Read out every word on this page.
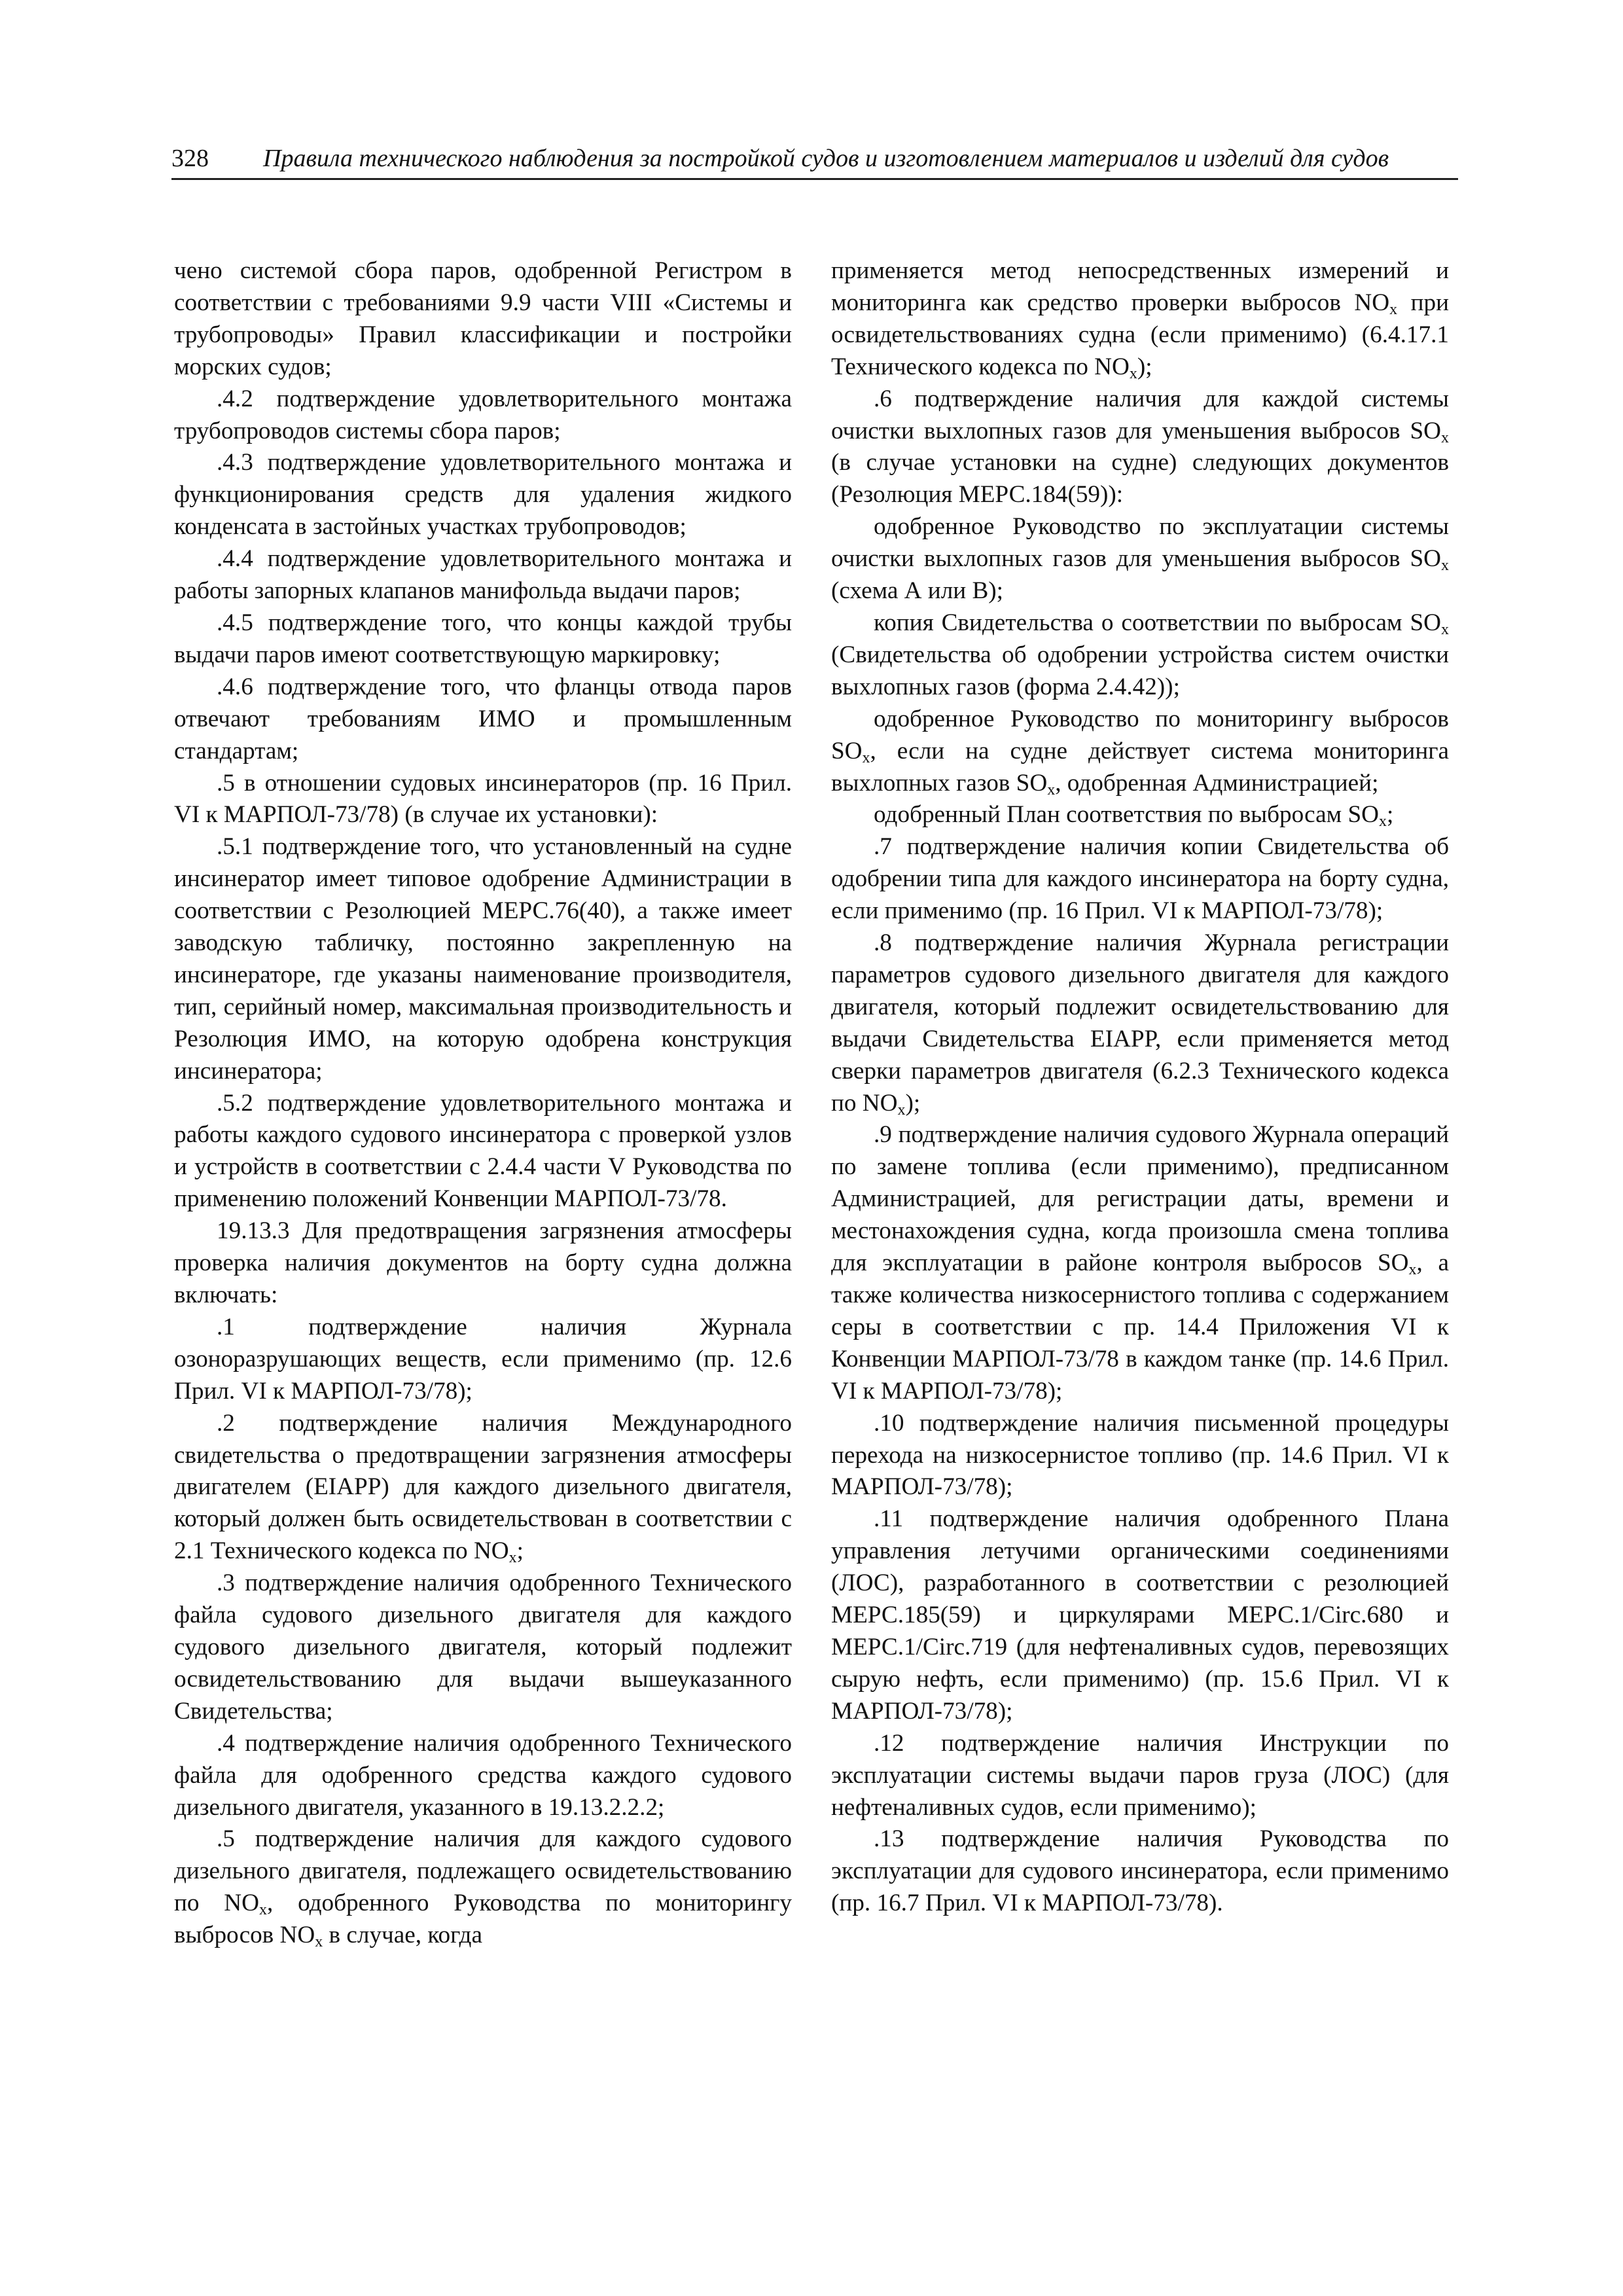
328	Правила технического наблюдения за постройкой судов и изготовлением материалов и изделий для судов

чено системой сбора паров, одобренной Регистром в соответствии с требованиями 9.9 части VIII «Системы и трубопроводы» Правил классификации и постройки морских судов;

.4.2 подтверждение удовлетворительного монтажа трубопроводов системы сбора паров;

.4.3 подтверждение удовлетворительного монтажа и функционирования средств для удаления жидкого конденсата в застойных участках трубопроводов;

.4.4 подтверждение удовлетворительного монтажа и работы запорных клапанов манифольда выдачи паров;

.4.5 подтверждение того, что концы каждой трубы выдачи паров имеют соответствующую маркировку;

.4.6 подтверждение того, что фланцы отвода паров отвечают требованиям ИМО и промышленным стандартам;

.5 в отношении судовых инсинераторов (пр. 16 Прил. VI к МАРПОЛ-73/78) (в случае их установки):

.5.1 подтверждение того, что установленный на судне инсинератор имеет типовое одобрение Администрации в соответствии с Резолюцией МЕРС.76(40), а также имеет заводскую табличку, постоянно закрепленную на инсинераторе, где указаны наименование производителя, тип, серийный номер, максимальная производительность и Резолюция ИМО, на которую одобрена конструкция инсинератора;

.5.2 подтверждение удовлетворительного монтажа и работы каждого судового инсинератора с проверкой узлов и устройств в соответствии с 2.4.4 части V Руководства по применению положений Конвенции МАРПОЛ-73/78.

19.13.3 Для предотвращения загрязнения атмосферы проверка наличия документов на борту судна должна включать:

.1 подтверждение наличия Журнала озоноразрушающих веществ, если применимо (пр. 12.6 Прил. VI к МАРПОЛ-73/78);

.2 подтверждение наличия Международного свидетельства о предотвращении загрязнения атмосферы двигателем (EIAPP) для каждого дизельного двигателя, который должен быть освидетельствован в соответствии с 2.1 Технического кодекса по $NO_x$;

.3 подтверждение наличия одобренного Технического файла судового дизельного двигателя для каждого судового дизельного двигателя, который подлежит освидетельствованию для выдачи вышеуказанного Свидетельства;

.4 подтверждение наличия одобренного Технического файла для одобренного средства каждого судового дизельного двигателя, указанного в 19.13.2.2.2;

.5 подтверждение наличия для каждого судового дизельного двигателя, подлежащего освидетельствованию по $NO_x$, одобренного Руководства по мониторингу выбросов $NO_x$ в случае, когда

применяется метод непосредственных измерений и мониторинга как средство проверки выбросов $NO_x$ при освидетельствованиях судна (если применимо) (6.4.17.1 Технического кодекса по $NO_x$);

.6 подтверждение наличия для каждой системы очистки выхлопных газов для уменьшения выбросов $SO_x$ (в случае установки на судне) следующих документов (Резолюция МЕРС.184(59)):

одобренное Руководство по эксплуатации системы очистки выхлопных газов для уменьшения выбросов $SO_x$ (схема А или В);

копия Свидетельства о соответствии по выбросам $SO_x$ (Свидетельства об одобрении устройства систем очистки выхлопных газов (форма 2.4.42));

одобренное Руководство по мониторингу выбросов $SO_x$, если на судне действует система мониторинга выхлопных газов $SO_x$, одобренная Администрацией;

одобренный План соответствия по выбросам $SO_x$;

.7 подтверждение наличия копии Свидетельства об одобрении типа для каждого инсинератора на борту судна, если применимо (пр. 16 Прил. VI к МАРПОЛ-73/78);

.8 подтверждение наличия Журнала регистрации параметров судового дизельного двигателя для каждого двигателя, который подлежит освидетельствованию для выдачи Свидетельства EIAPP, если применяется метод сверки параметров двигателя (6.2.3 Технического кодекса по $NO_x$);

.9 подтверждение наличия судового Журнала операций по замене топлива (если применимо), предписанном Администрацией, для регистрации даты, времени и местонахождения судна, когда произошла смена топлива для эксплуатации в районе контроля выбросов $SO_x$, а также количества низкосернистого топлива с содержанием серы в соответствии с пр. 14.4 Приложения VI к Конвенции МАРПОЛ-73/78 в каждом танке (пр. 14.6 Прил. VI к МАРПОЛ-73/78);

.10 подтверждение наличия письменной процедуры перехода на низкосернистое топливо (пр. 14.6 Прил. VI к МАРПОЛ-73/78);

.11 подтверждение наличия одобренного Плана управления летучими органическими соединениями (ЛОС), разработанного в соответствии с резолюцией МЕРС.185(59) и циркулярами МЕРС.1/Circ.680 и МЕРС.1/Circ.719 (для нефтеналивных судов, перевозящих сырую нефть, если применимо) (пр. 15.6 Прил. VI к МАРПОЛ-73/78);

.12 подтверждение наличия Инструкции по эксплуатации системы выдачи паров груза (ЛОС) (для нефтеналивных судов, если применимо);

.13 подтверждение наличия Руководства по эксплуатации для судового инсинератора, если применимо (пр. 16.7 Прил. VI к МАРПОЛ-73/78).
